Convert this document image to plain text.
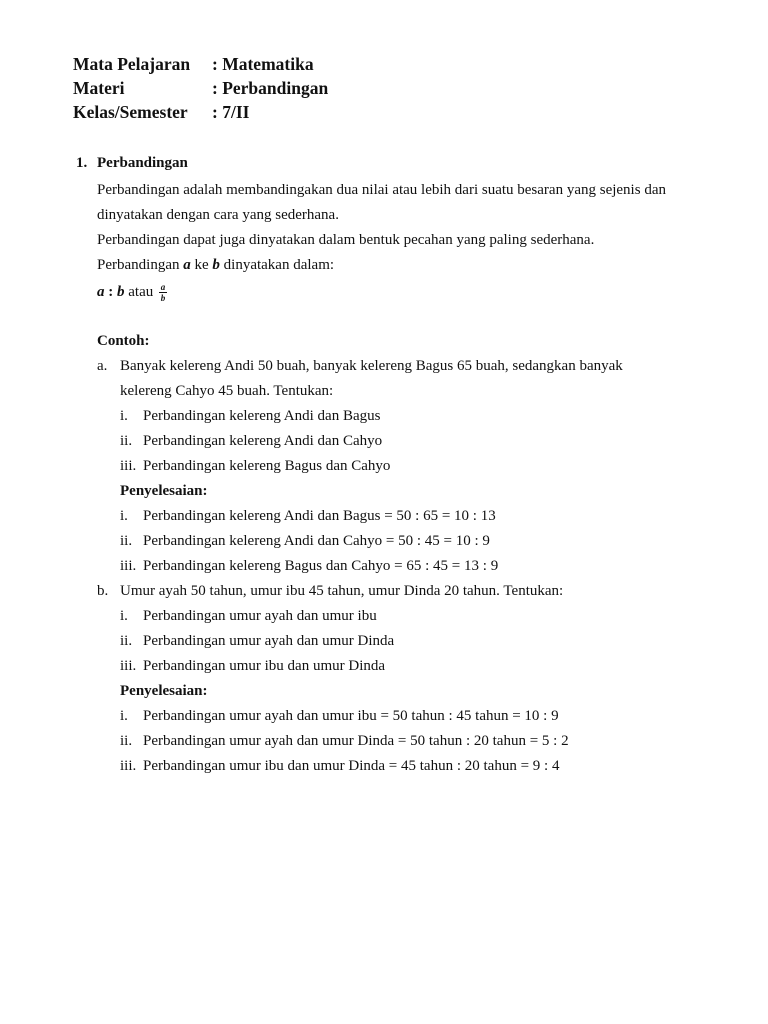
Mata Pelajaran : Matematika
Materi	: Perbandingan
Kelas/Semester : 7/II
1. Perbandingan
Perbandingan adalah membandingakan dua nilai atau lebih dari suatu besaran yang sejenis dan
dinyatakan dengan cara yang sederhana.
Perbandingan dapat juga dinyatakan dalam bentuk pecahan yang paling sederhana.
Perbandingan a ke b dinyatakan dalam:
a : b atau $\frac{a}{b}$
Contoh:
a. Banyak kelereng Andi 50 buah, banyak kelereng Bagus 65 buah, sedangkan banyak
kelereng Cahyo 45 buah. Tentukan:
i.	Perbandingan kelereng Andi dan Bagus
ii. Perbandingan kelereng Andi dan Cahyo
iii. Perbandingan kelereng Bagus dan Cahyo
Penyelesaian:
i.	Perbandingan kelereng Andi dan Bagus = 50 : 65 = 10 : 13
ii. Perbandingan kelereng Andi dan Cahyo = 50 : 45 = 10 : 9
iii. Perbandingan kelereng Bagus dan Cahyo = 65 : 45 = 13 : 9
b. Umur ayah 50 tahun, umur ibu 45 tahun, umur Dinda 20 tahun. Tentukan:
i.	Perbandingan umur ayah dan umur ibu
ii. Perbandingan umur ayah dan umur Dinda
iii. Perbandingan umur ibu dan umur Dinda
Penyelesaian:
i.	Perbandingan umur ayah dan umur ibu = 50 tahun : 45 tahun = 10 : 9
ii. Perbandingan umur ayah dan umur Dinda = 50 tahun : 20 tahun = 5 : 2
iii. Perbandingan umur ibu dan umur Dinda = 45 tahun : 20 tahun = 9 : 4
